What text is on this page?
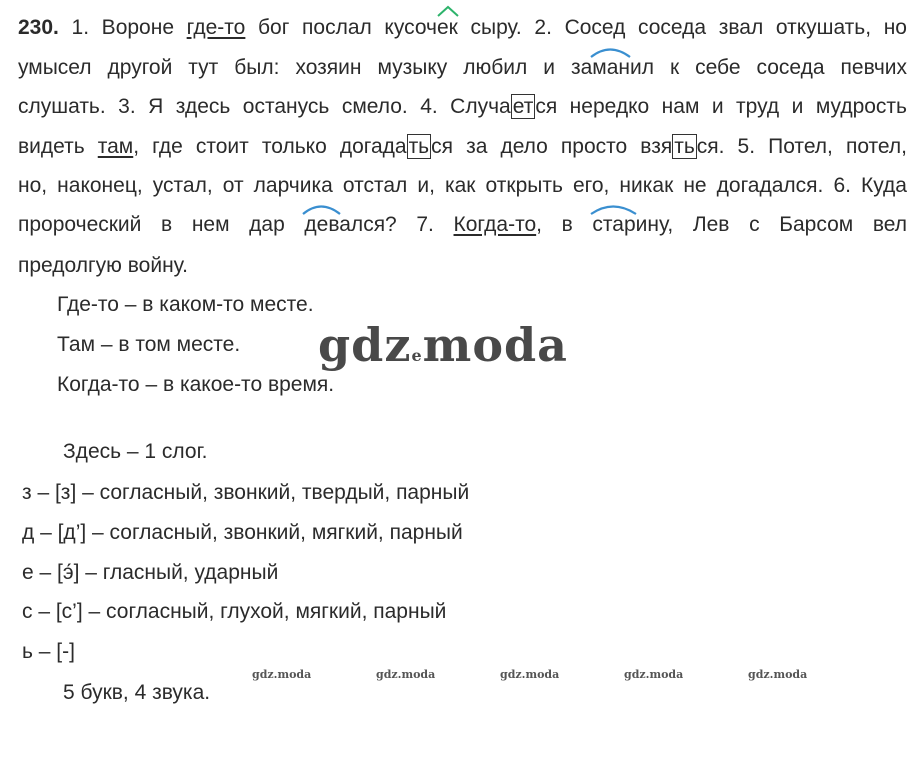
230. 1. Вороне где-то бог послал кусочек сыру. 2. Сосед соседа звал откушать, но
умысел другой тут был: хозяин музыку любил и заманил к себе соседа певчих
слушать. 3. Я здесь останусь смело. 4. Случается нередко нам и труд и мудрость
видеть там, где стоит только догадаться за дело просто взяться. 5. Потел, потел,
но, наконец, устал, от ларчика отстал и, как открыть его, никак не догадался. 6. Куда
пророческий в нем дар девался? 7. Когда-то, в старину, Лев с Барсом вел
предолгую войну.
Где-то – в каком-то месте.
Там – в том месте.
Когда-то – в какое-то время.
gdzemoda
Здесь – 1 слог.
з – [з] – согласный, звонкий, твердый, парный
д – [д’] – согласный, звонкий, мягкий, парный
е – [э́] – гласный, ударный
с – [с’] – согласный, глухой, мягкий, парный
ь – [-]
5 букв, 4 звука.
gdz.moda	gdz.moda	gdz.moda	gdz.moda	gdz.moda
